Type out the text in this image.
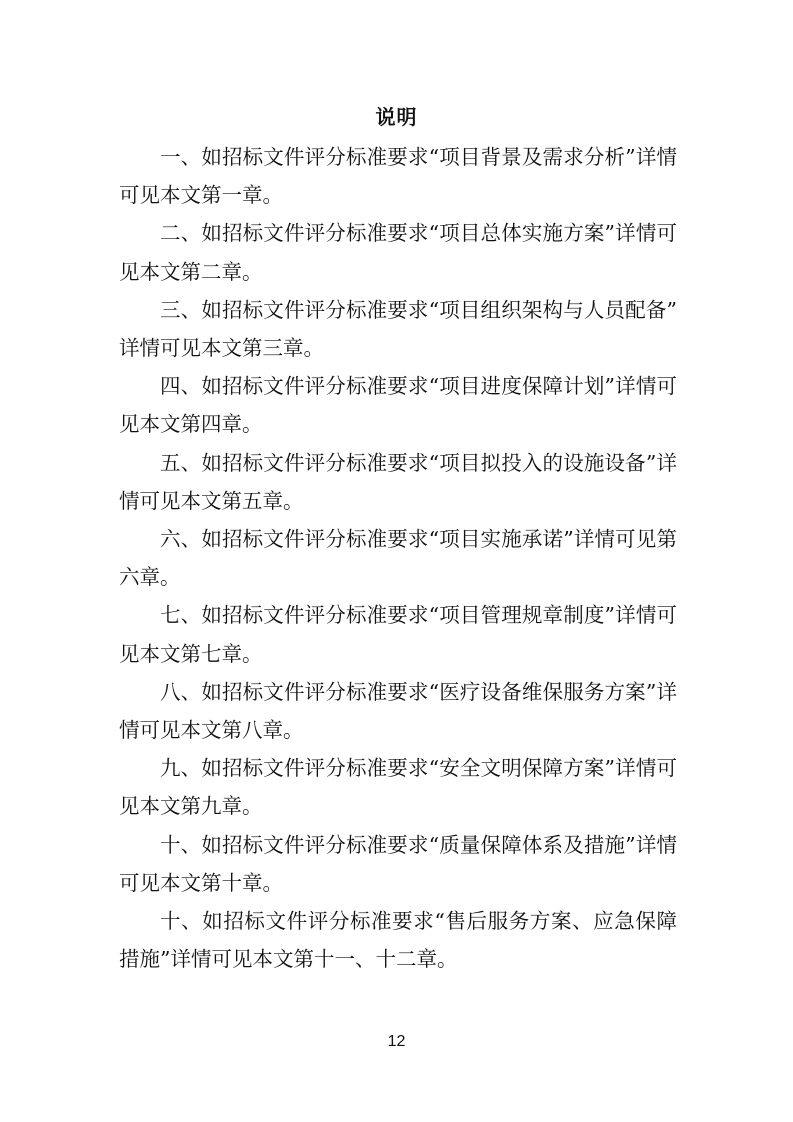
说明

一、如招标文件评分标准要求“项目背景及需求分析”详情可见本文第一章。

二、如招标文件评分标准要求“项目总体实施方案”详情可见本文第二章。

三、如招标文件评分标准要求“项目组织架构与人员配备”详情可见本文第三章。

四、如招标文件评分标准要求“项目进度保障计划”详情可见本文第四章。

五、如招标文件评分标准要求“项目拟投入的设施设备”详情可见本文第五章。

六、如招标文件评分标准要求“项目实施承诺”详情可见第六章。

七、如招标文件评分标准要求“项目管理规章制度”详情可见本文第七章。

八、如招标文件评分标准要求“医疗设备维保服务方案”详情可见本文第八章。

九、如招标文件评分标准要求“安全文明保障方案”详情可见本文第九章。

十、如招标文件评分标准要求“质量保障体系及措施”详情可见本文第十章。

十、如招标文件评分标准要求“售后服务方案、应急保障措施”详情可见本文第十一、十二章。

12
